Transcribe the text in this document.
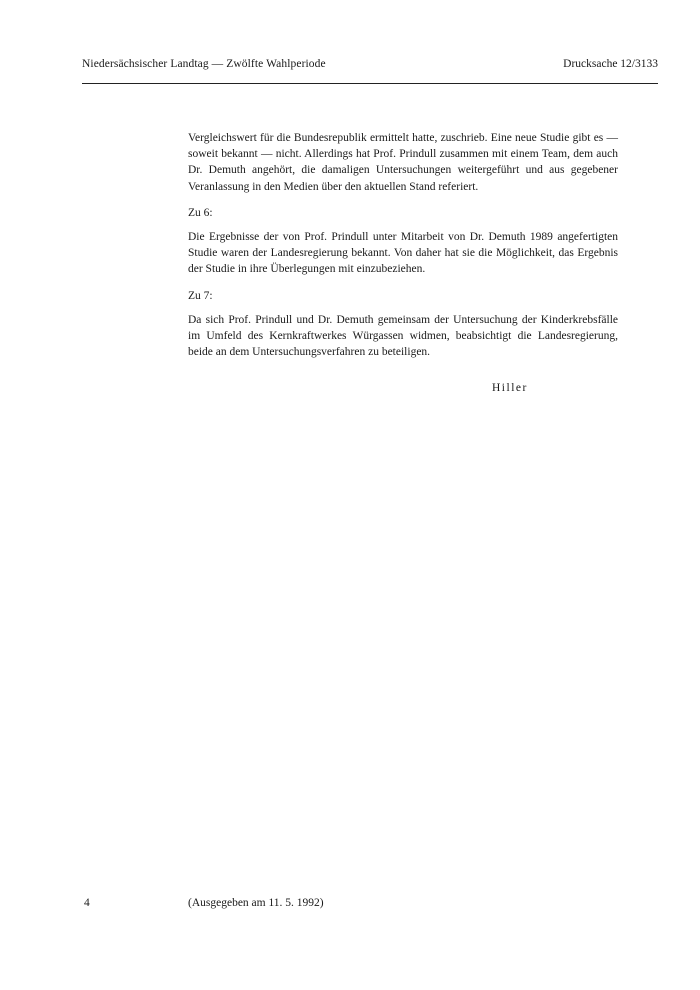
Niedersächsischer Landtag — Zwölfte Wahlperiode	Drucksache 12/3133

Vergleichswert für die Bundesrepublik ermittelt hatte, zuschrieb. Eine neue Studie gibt es — soweit bekannt — nicht. Allerdings hat Prof. Prindull zusammen mit einem Team, dem auch Dr. Demuth angehört, die damaligen Untersuchungen weitergeführt und aus gegebener Veranlassung in den Medien über den aktuellen Stand referiert.

Zu 6:

Die Ergebnisse der von Prof. Prindull unter Mitarbeit von Dr. Demuth 1989 angefertigten Studie waren der Landesregierung bekannt. Von daher hat sie die Möglichkeit, das Ergebnis der Studie in ihre Überlegungen mit einzubeziehen.

Zu 7:

Da sich Prof. Prindull und Dr. Demuth gemeinsam der Untersuchung der Kinderkrebsfälle im Umfeld des Kernkraftwerkes Würgassen widmen, beabsichtigt die Landesregierung, beide an dem Untersuchungsverfahren zu beteiligen.

Hiller
4	(Ausgegeben am 11. 5. 1992)
